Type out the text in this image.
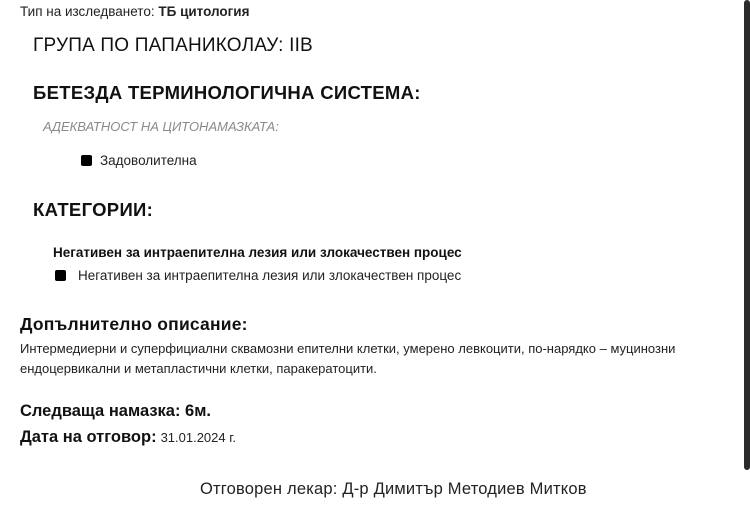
Тип на изследването: ТБ цитология
ГРУПА ПО ПАПАНИКОЛАУ: IIB
БЕТЕЗДА ТЕРМИНОЛОГИЧНА СИСТЕМА:
АДЕКВАТНОСТ НА ЦИТОНАМАЗКАТА:
Задоволителна
КАТЕГОРИИ:
Негативен за интраепителна лезия или злокачествен процес
Негативен за интраепителна лезия или злокачествен процес
Допълнително описание:
Интермедиерни и суперфициални сквамозни епителни клетки, умерено левкоцити, по-нарядко – муцинозни ендоцервикални и метапластични клетки, паракератоцити.
Следваща намазка: 6м.
Дата на отговор: 31.01.2024 г.
Отговорен лекар: Д-р Димитър Методиев Митков
